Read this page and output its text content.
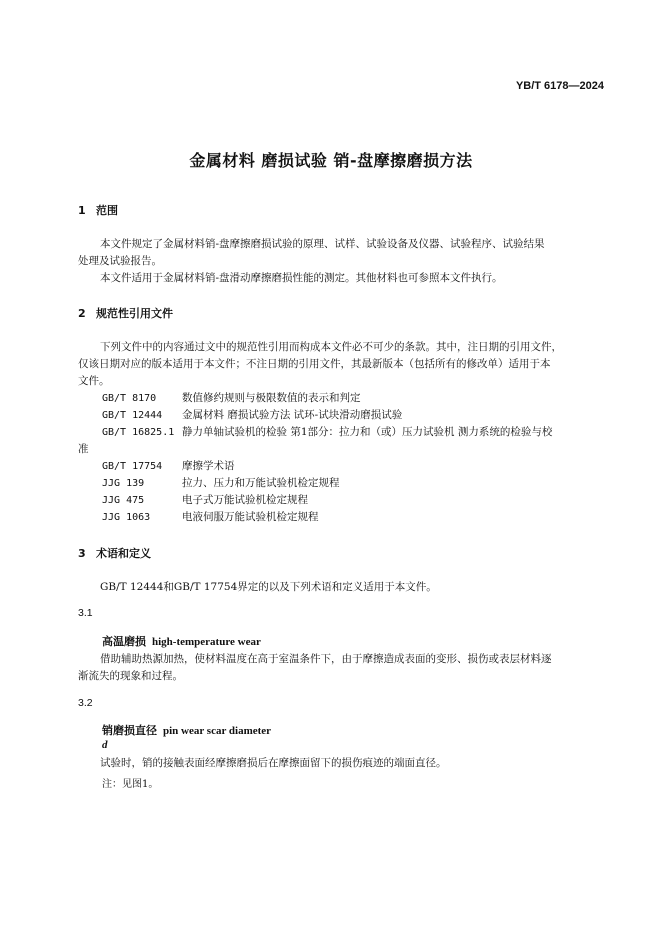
YB/T 6178—2024
金属材料 磨损试验 销-盘摩擦磨损方法
1 范围
本文件规定了金属材料销-盘摩擦磨损试验的原理、试样、试验设备及仪器、试验程序、试验结果
处理及试验报告。
本文件适用于金属材料销-盘滑动摩擦磨损性能的测定。其他材料也可参照本文件执行。
2 规范性引用文件
下列文件中的内容通过文中的规范性引用而构成本文件必不可少的条款。其中，注日期的引用文件，
仅该日期对应的版本适用于本文件；不注日期的引用文件，其最新版本（包括所有的修改单）适用于本
文件。
GB/T 8170 数值修约规则与极限数值的表示和判定
GB/T 12444 金属材料 磨损试验方法 试环-试块滑动磨损试验
GB/T 16825.1 静力单轴试验机的检验 第1部分：拉力和（或）压力试验机 测力系统的检验与校
准
GB/T 17754 摩擦学术语
JJG 139	拉力、压力和万能试验机检定规程
JJG 475	电子式万能试验机检定规程
JJG 1063	电液伺服万能试验机检定规程
3 术语和定义
GB/T 12444和GB/T 17754界定的以及下列术语和定义适用于本文件。
3.1
高温磨损 high-temperature wear
借助辅助热源加热，使材料温度在高于室温条件下，由于摩擦造成表面的变形、损伤或表层材料逐
渐流失的现象和过程。
3.2
销磨损直径 pin wear scar diameter
d
试验时，销的接触表面经摩擦磨损后在摩擦面留下的损伤痕迹的端面直径。
注：见图1。
